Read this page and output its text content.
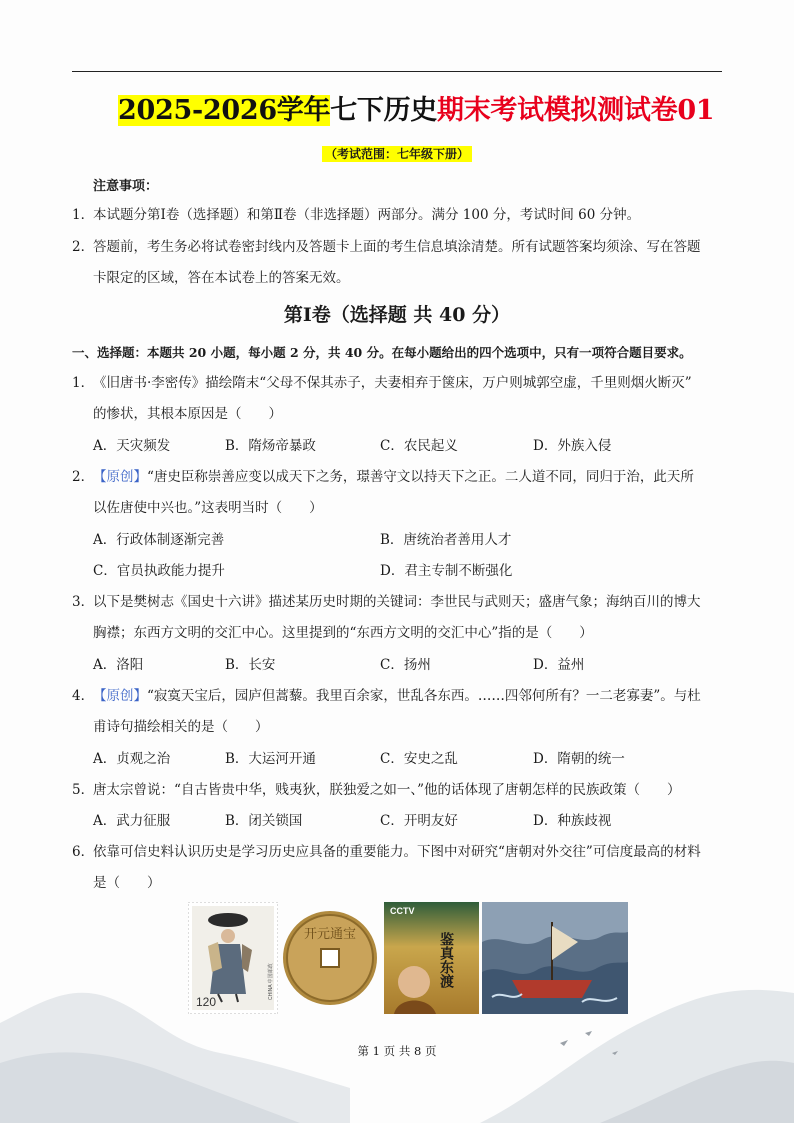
2025-2026学年七下历史期末考试模拟测试卷01
（考试范围：七年级下册）
注意事项：
1．
本试题分第Ⅰ卷（选择题）和第Ⅱ卷（非选择题）两部分。满分 100 分，考试时间 60 分钟。
2．
答题前，考生务必将试卷密封线内及答题卡上面的考生信息填涂清楚。所有试题答案均须涂、写在答题
卡限定的区域，答在本试卷上的答案无效。
第Ⅰ卷（选择题 共 40 分）
一、选择题：本题共 20 小题，每小题 2 分，共 40 分。在每小题给出的四个选项中，只有一项符合题目要求。
1．
《旧唐书·李密传》描绘隋末“父母不保其赤子，夫妻相弃于箧床，万户则城郭空虚，千里则烟火断灭”
的惨状，其根本原因是（　　）
A．天灾频发	B．隋炀帝暴政	C．农民起义	D．外族入侵
2．
【原创】“唐史臣称崇善应变以成天下之务，璟善守文以持天下之正。二人道不同，同归于治，此天所
以佐唐使中兴也。”这表明当时（　　）
A．行政体制逐渐完善	B．唐统治者善用人才
C．官员执政能力提升	D．君主专制不断强化
3．
以下是樊树志《国史十六讲》描述某历史时期的关键词：李世民与武则天；盛唐气象；海纳百川的博大
胸襟；东西方文明的交汇中心。这里提到的“东西方文明的交汇中心”指的是（　　）
A．洛阳	B．长安	C．扬州	D．益州
4．
【原创】“寂寞天宝后，园庐但蒿藜。我里百余家，世乱各东西。……四邻何所有？一二老寡妻”。与杜
甫诗句描绘相关的是（　　）
A．贞观之治	B．大运河开通	C．安史之乱	D．隋朝的统一
5．
唐太宗曾说：“自古皆贵中华，贱夷狄，朕独爱之如一、”他的话体现了唐朝怎样的民族政策（　　）
A．武力征服	B．闭关锁国	C．开明友好	D．种族歧视
6．
依靠可信史料认识历史是学习历史应具备的重要能力。下图中对研究“唐朝对外交往”可信度最高的材料
是（　　）
120
CHINA 中国邮政
开元通宝
CCTV
鉴真东渡
第 1 页 共 8 页
